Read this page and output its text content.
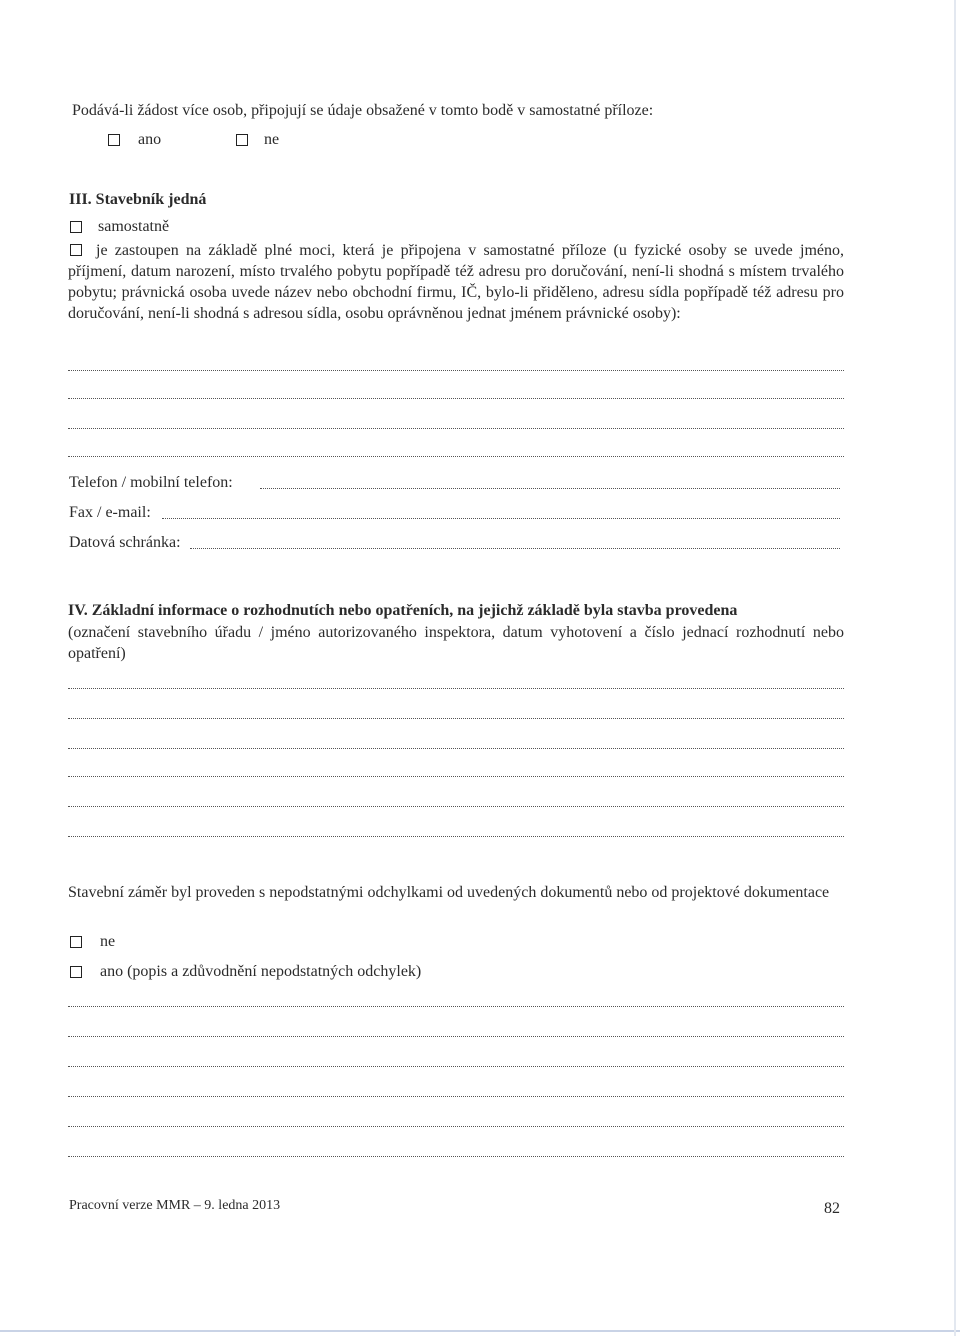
Podává-li žádost více osob, připojují se údaje obsažené v tomto bodě v samostatné příloze:
ano	ne
III. Stavebník jedná
samostatně
je zastoupen na základě plné moci, která je připojena v samostatné příloze (u fyzické osoby se uvede jméno, příjmení, datum narození, místo trvalého pobytu popřípadě též adresu pro doručování, není-li shodná s místem trvalého pobytu; právnická osoba uvede název nebo obchodní firmu, IČ, bylo-li přiděleno, adresu sídla popřípadě též adresu pro doručování, není-li shodná s adresou sídla, osobu oprávněnou jednat jménem právnické osoby):
Telefon / mobilní telefon:
Fax / e-mail:
Datová schránka:
IV. Základní informace o rozhodnutích nebo opatřeních, na jejichž základě byla stavba provedena
(označení stavebního úřadu / jméno autorizovaného inspektora, datum vyhotovení a číslo jednací rozhodnutí nebo opatření)
Stavební záměr byl proveden s nepodstatnými odchylkami od uvedených dokumentů nebo od projektové dokumentace
ne
ano (popis a zdůvodnění nepodstatných odchylek)
Pracovní verze MMR – 9. ledna 2013	82
